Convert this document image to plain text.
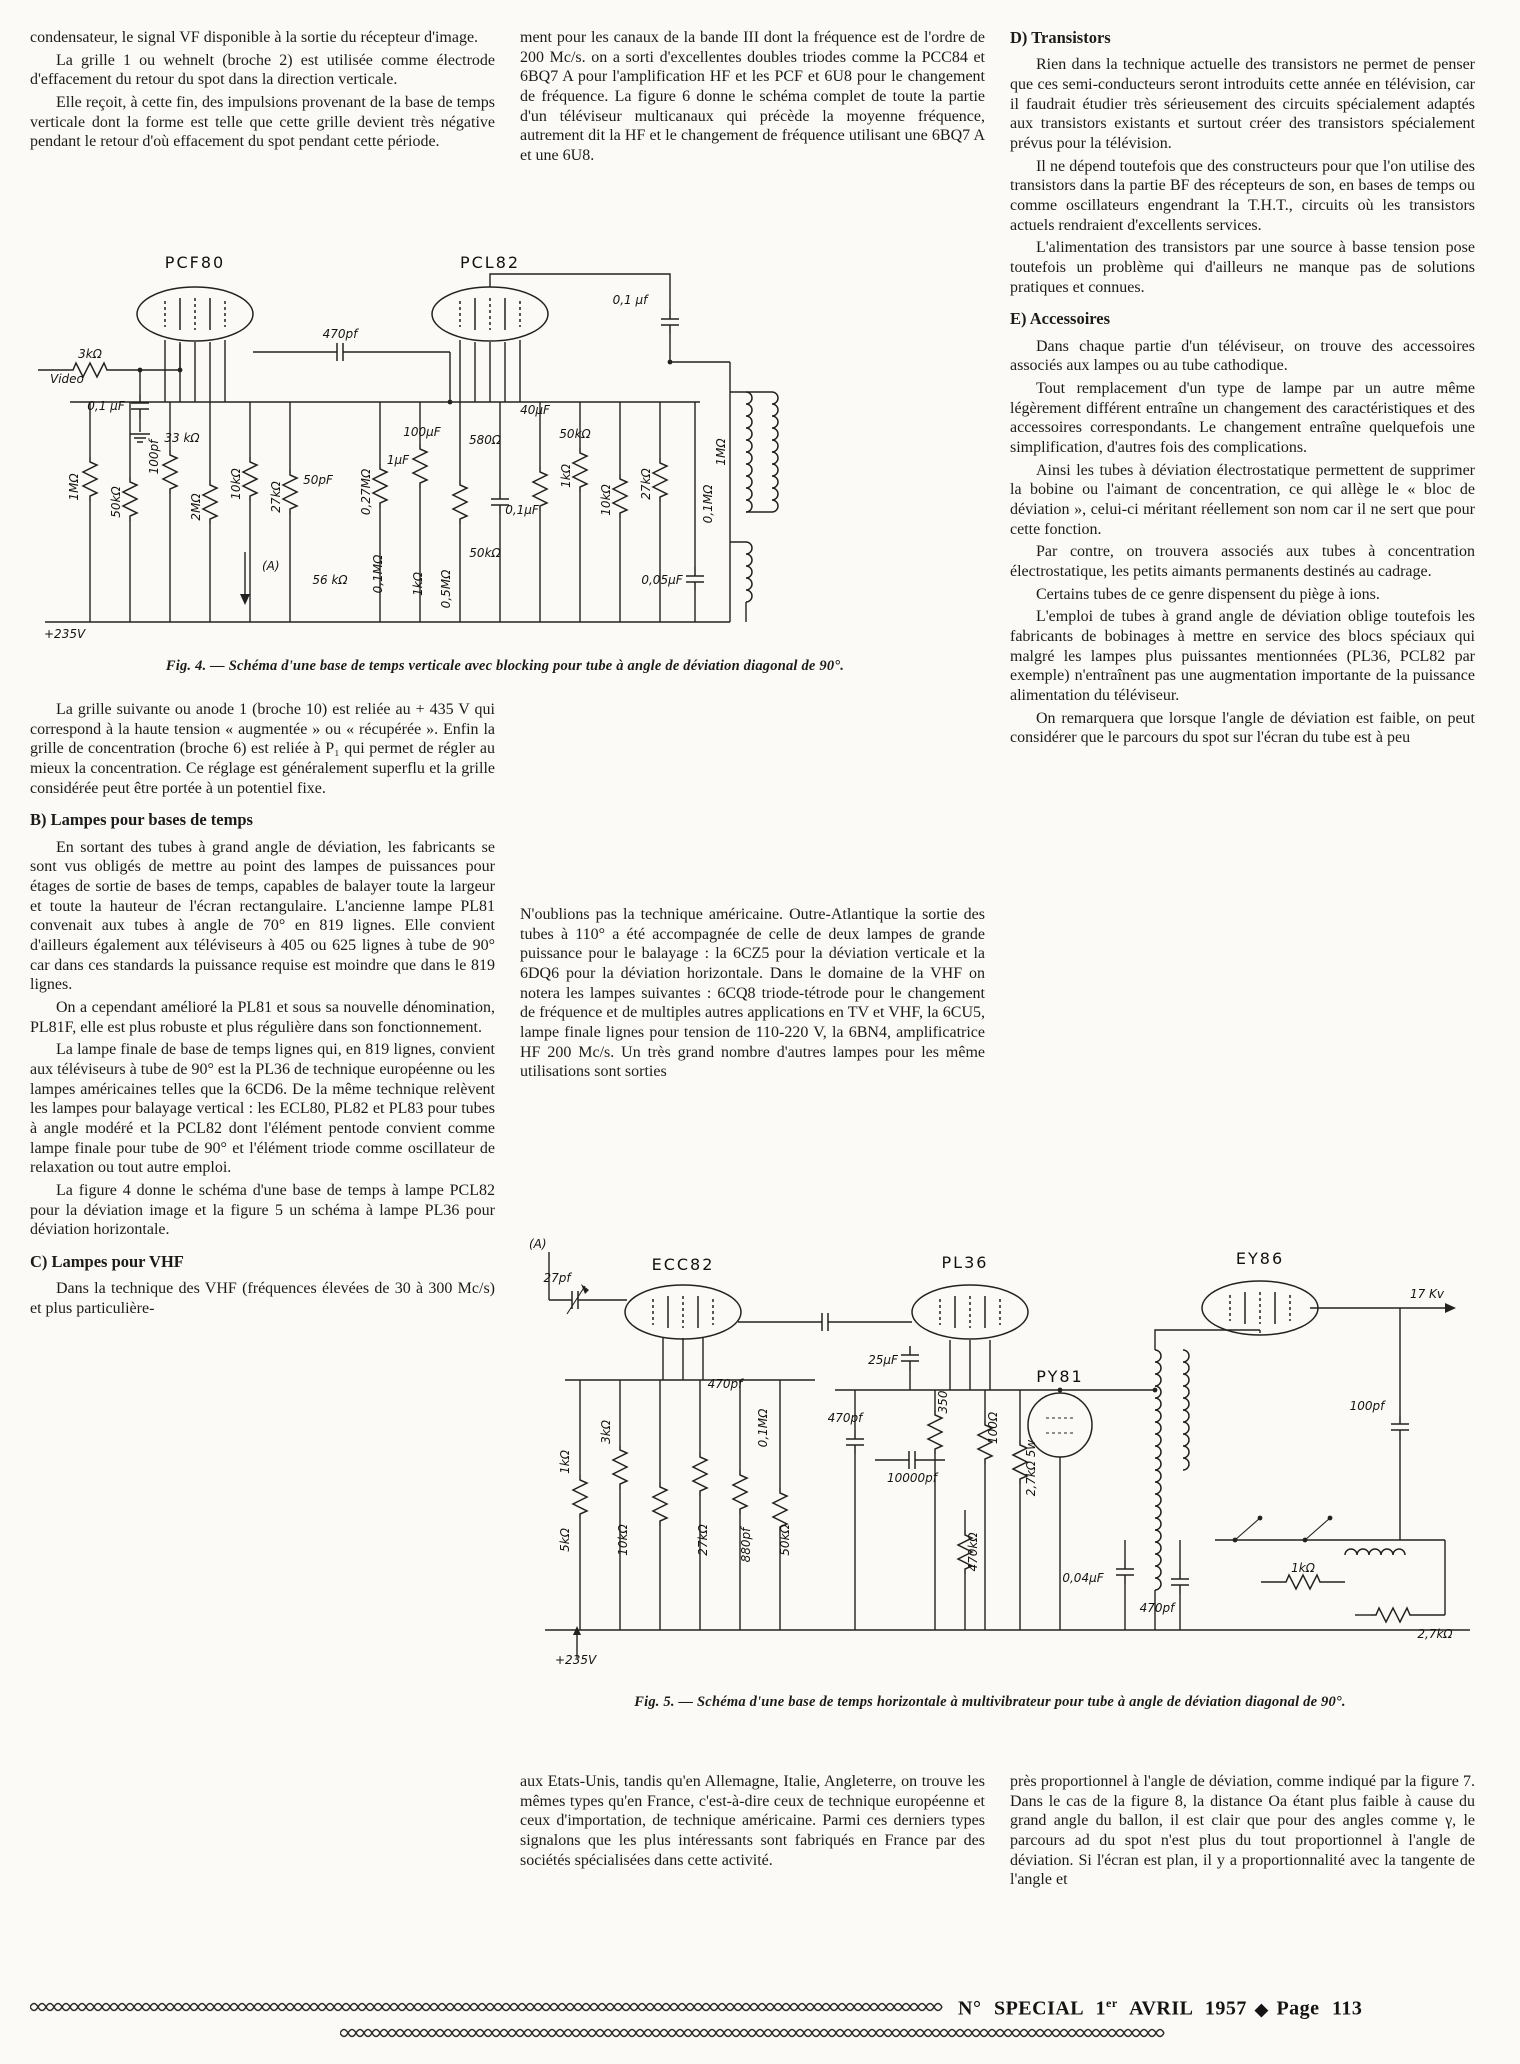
condensateur, le signal VF disponible à la sortie du récepteur d'image.

La grille 1 ou wehnelt (broche 2) est utilisée comme électrode d'effacement du retour du spot dans la direction verticale.

Elle reçoit, à cette fin, des impulsions provenant de la base de temps verticale dont la forme est telle que cette grille devient très négative pendant le retour d'où effacement du spot pendant cette période.

ment pour les canaux de la bande III dont la fréquence est de l'ordre de 200 Mc/s. on a sorti d'excellentes doubles triodes comme la PCC84 et 6BQ7 A pour l'amplification HF et les PCF et 6U8 pour le changement de fréquence. La figure 6 donne le schéma complet de toute la partie d'un téléviseur multicanaux qui précède la moyenne fréquence, autrement dit la HF et le changement de fréquence utilisant une 6BQ7 A et une 6U8.

D) Transistors

Rien dans la technique actuelle des transistors ne permet de penser que ces semi-conducteurs seront introduits cette année en télévision, car il faudrait étudier très sérieusement des circuits spécialement adaptés aux transistors existants et surtout créer des transistors spécialement prévus pour la télévision.

Il ne dépend toutefois que des constructeurs pour que l'on utilise des transistors dans la partie BF des récepteurs de son, en bases de temps ou comme oscillateurs engendrant la T.H.T., circuits où les transistors actuels rendraient d'excellents services.

L'alimentation des transistors par une source à basse tension pose toutefois un problème qui d'ailleurs ne manque pas de solutions pratiques et connues.

E) Accessoires

Dans chaque partie d'un téléviseur, on trouve des accessoires associés aux lampes ou au tube cathodique.

Tout remplacement d'un type de lampe par un autre même légèrement différent entraîne un changement des caractéristiques et des accessoires correspondants. Le changement entraîne quelquefois une simplification, d'autres fois des complications.

Ainsi les tubes à déviation électrostatique permettent de supprimer la bobine ou l'aimant de concentration, ce qui allège le « bloc de déviation », celui-ci méritant réellement son nom car il ne sert que pour cette fonction.

Par contre, on trouvera associés aux tubes à concentration électrostatique, les petits aimants permanents destinés au cadrage.

Certains tubes de ce genre dispensent du piège à ions.

L'emploi de tubes à grand angle de déviation oblige toutefois les fabricants de bobinages à mettre en service des blocs spéciaux qui malgré les lampes plus puissantes mentionnées (PL36, PCL82 par exemple) n'entraînent pas une augmentation importante de la puissance alimentation du téléviseur.

On remarquera que lorsque l'angle de déviation est faible, on peut considérer que le parcours du spot sur l'écran du tube est à peu

PCF80	PCL82
3kΩ
0,1 μF
100pf
1MΩ 50kΩ
33 kΩ
2MΩ
10kΩ 27kΩ
50pF
470pf
0,27MΩ
100μF
1μF
580Ω
0,1μF
40μF
1kΩ
10kΩ
27kΩ
50kΩ
0,1MΩ
1MΩ
56 kΩ 0,1MΩ 1kΩ 0,5MΩ
50kΩ
0,05μF
0,1 μf
Video
(A)
+235V
Fig. 4. — Schéma d'une base de temps verticale avec blocking pour tube à angle de déviation diagonal de 90°.

La grille suivante ou anode 1 (broche 10) est reliée au + 435 V qui correspond à la haute tension « augmentée » ou « récupérée ». Enfin la grille de concentration (broche 6) est reliée à P₁ qui permet de régler au mieux la concentration. Ce réglage est généralement superflu et la grille considérée peut être portée à un potentiel fixe.

B) Lampes pour bases de temps

En sortant des tubes à grand angle de déviation, les fabricants se sont vus obligés de mettre au point des lampes de puissances pour étages de sortie de bases de temps, capables de balayer toute la largeur et toute la hauteur de l'écran rectangulaire. L'ancienne lampe PL81 convenait aux tubes à angle de 70° en 819 lignes. Elle convient d'ailleurs également aux téléviseurs à 405 ou 625 lignes à tube de 90° car dans ces standards la puissance requise est moindre que dans le 819 lignes.

On a cependant amélioré la PL81 et sous sa nouvelle dénomination, PL81F, elle est plus robuste et plus régulière dans son fonctionnement.

La lampe finale de base de temps lignes qui, en 819 lignes, convient aux téléviseurs à tube de 90° est la PL36 de technique européenne ou les lampes américaines telles que la 6CD6. De la même technique relèvent les lampes pour balayage vertical : les ECL80, PL82 et PL83 pour tubes à angle modéré et la PCL82 dont l'élément pentode convient comme lampe finale pour tube de 90° et l'élément triode comme oscillateur de relaxation ou tout autre emploi.

La figure 4 donne le schéma d'une base de temps à lampe PCL82 pour la déviation image et la figure 5 un schéma à lampe PL36 pour déviation horizontale.

C) Lampes pour VHF

Dans la technique des VHF (fréquences élevées de 30 à 300 Mc/s) et plus particulière-

N'oublions pas la technique américaine. Outre-Atlantique la sortie des tubes à 110° a été accompagnée de celle de deux lampes de grande puissance pour le balayage : la 6CZ5 pour la déviation verticale et la 6DQ6 pour la déviation horizontale. Dans le domaine de la VHF on notera les lampes suivantes : 6CQ8 triode-tétrode pour le changement de fréquence et de multiples autres applications en TV et VHF, la 6CU5, lampe finale lignes pour tension de 110-220 V, la 6BN4, amplificatrice HF 200 Mc/s. Un très grand nombre d'autres lampes pour les même utilisations sont sorties

ECC82	PL36
PY81
EY86
(A)
27pf
1kΩ
3kΩ
470pf
0,1MΩ
25μF
350
100Ω
470pf
10000pf	2,7kΩ 5w
5kΩ	10kΩ	27kΩ 880pf 50kΩ	470kΩ
100pf
0,04μF
470pf
1kΩ
2,7kΩ
17 Kv
+235V
Fig. 5. — Schéma d'une base de temps horizontale à multivibrateur pour tube à angle de déviation diagonal de 90°.

aux Etats-Unis, tandis qu'en Allemagne, Italie, Angleterre, on trouve les mêmes types qu'en France, c'est-à-dire ceux de technique européenne et ceux d'importation, de technique américaine. Parmi ces derniers types signalons que les plus intéressants sont fabriqués en France par des sociétés spécialisées dans cette activité.

près proportionnel à l'angle de déviation, comme indiqué par la figure 7. Dans le cas de la figure 8, la distance Oa étant plus faible à cause du grand angle du ballon, il est clair que pour des angles comme γ, le parcours ad du spot n'est plus du tout proportionnel à l'angle de déviation. Si l'écran est plan, il y a proportionnalité avec la tangente de l'angle et

N° SPECIAL 1er AVRIL 1957 ◆ Page 113
